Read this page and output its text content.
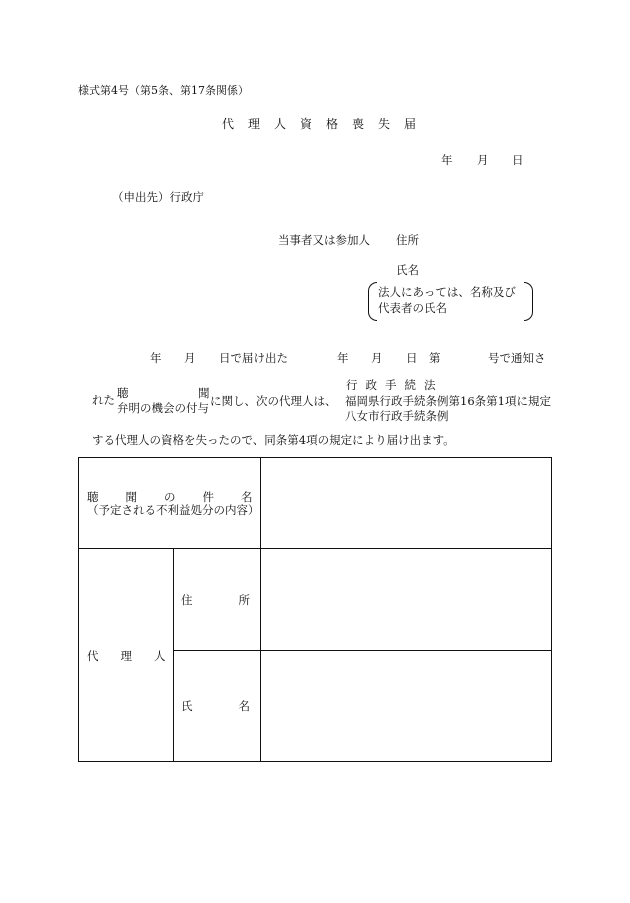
様式第4号（第5条、第17条関係）
代理人資格喪失届
年 月 日
（申出先）行政庁
当事者又は参加人 住所
氏名
法人にあっては、名称及び
代表者の氏名
年 月 日で届け出た	年 月 日 第	号で通知さ
れた 聴	聞
弁明の機会の付与 に関し、次の代理人は、
行政手続法
福岡県行政手続条例第16条第1項に規定
八女市行政手続条例
する代理人の資格を失ったので、同条第4項の規定により届け出ます。
聴聞の件名
（予定される不利益処分の内容）
代理人
住所
氏名
